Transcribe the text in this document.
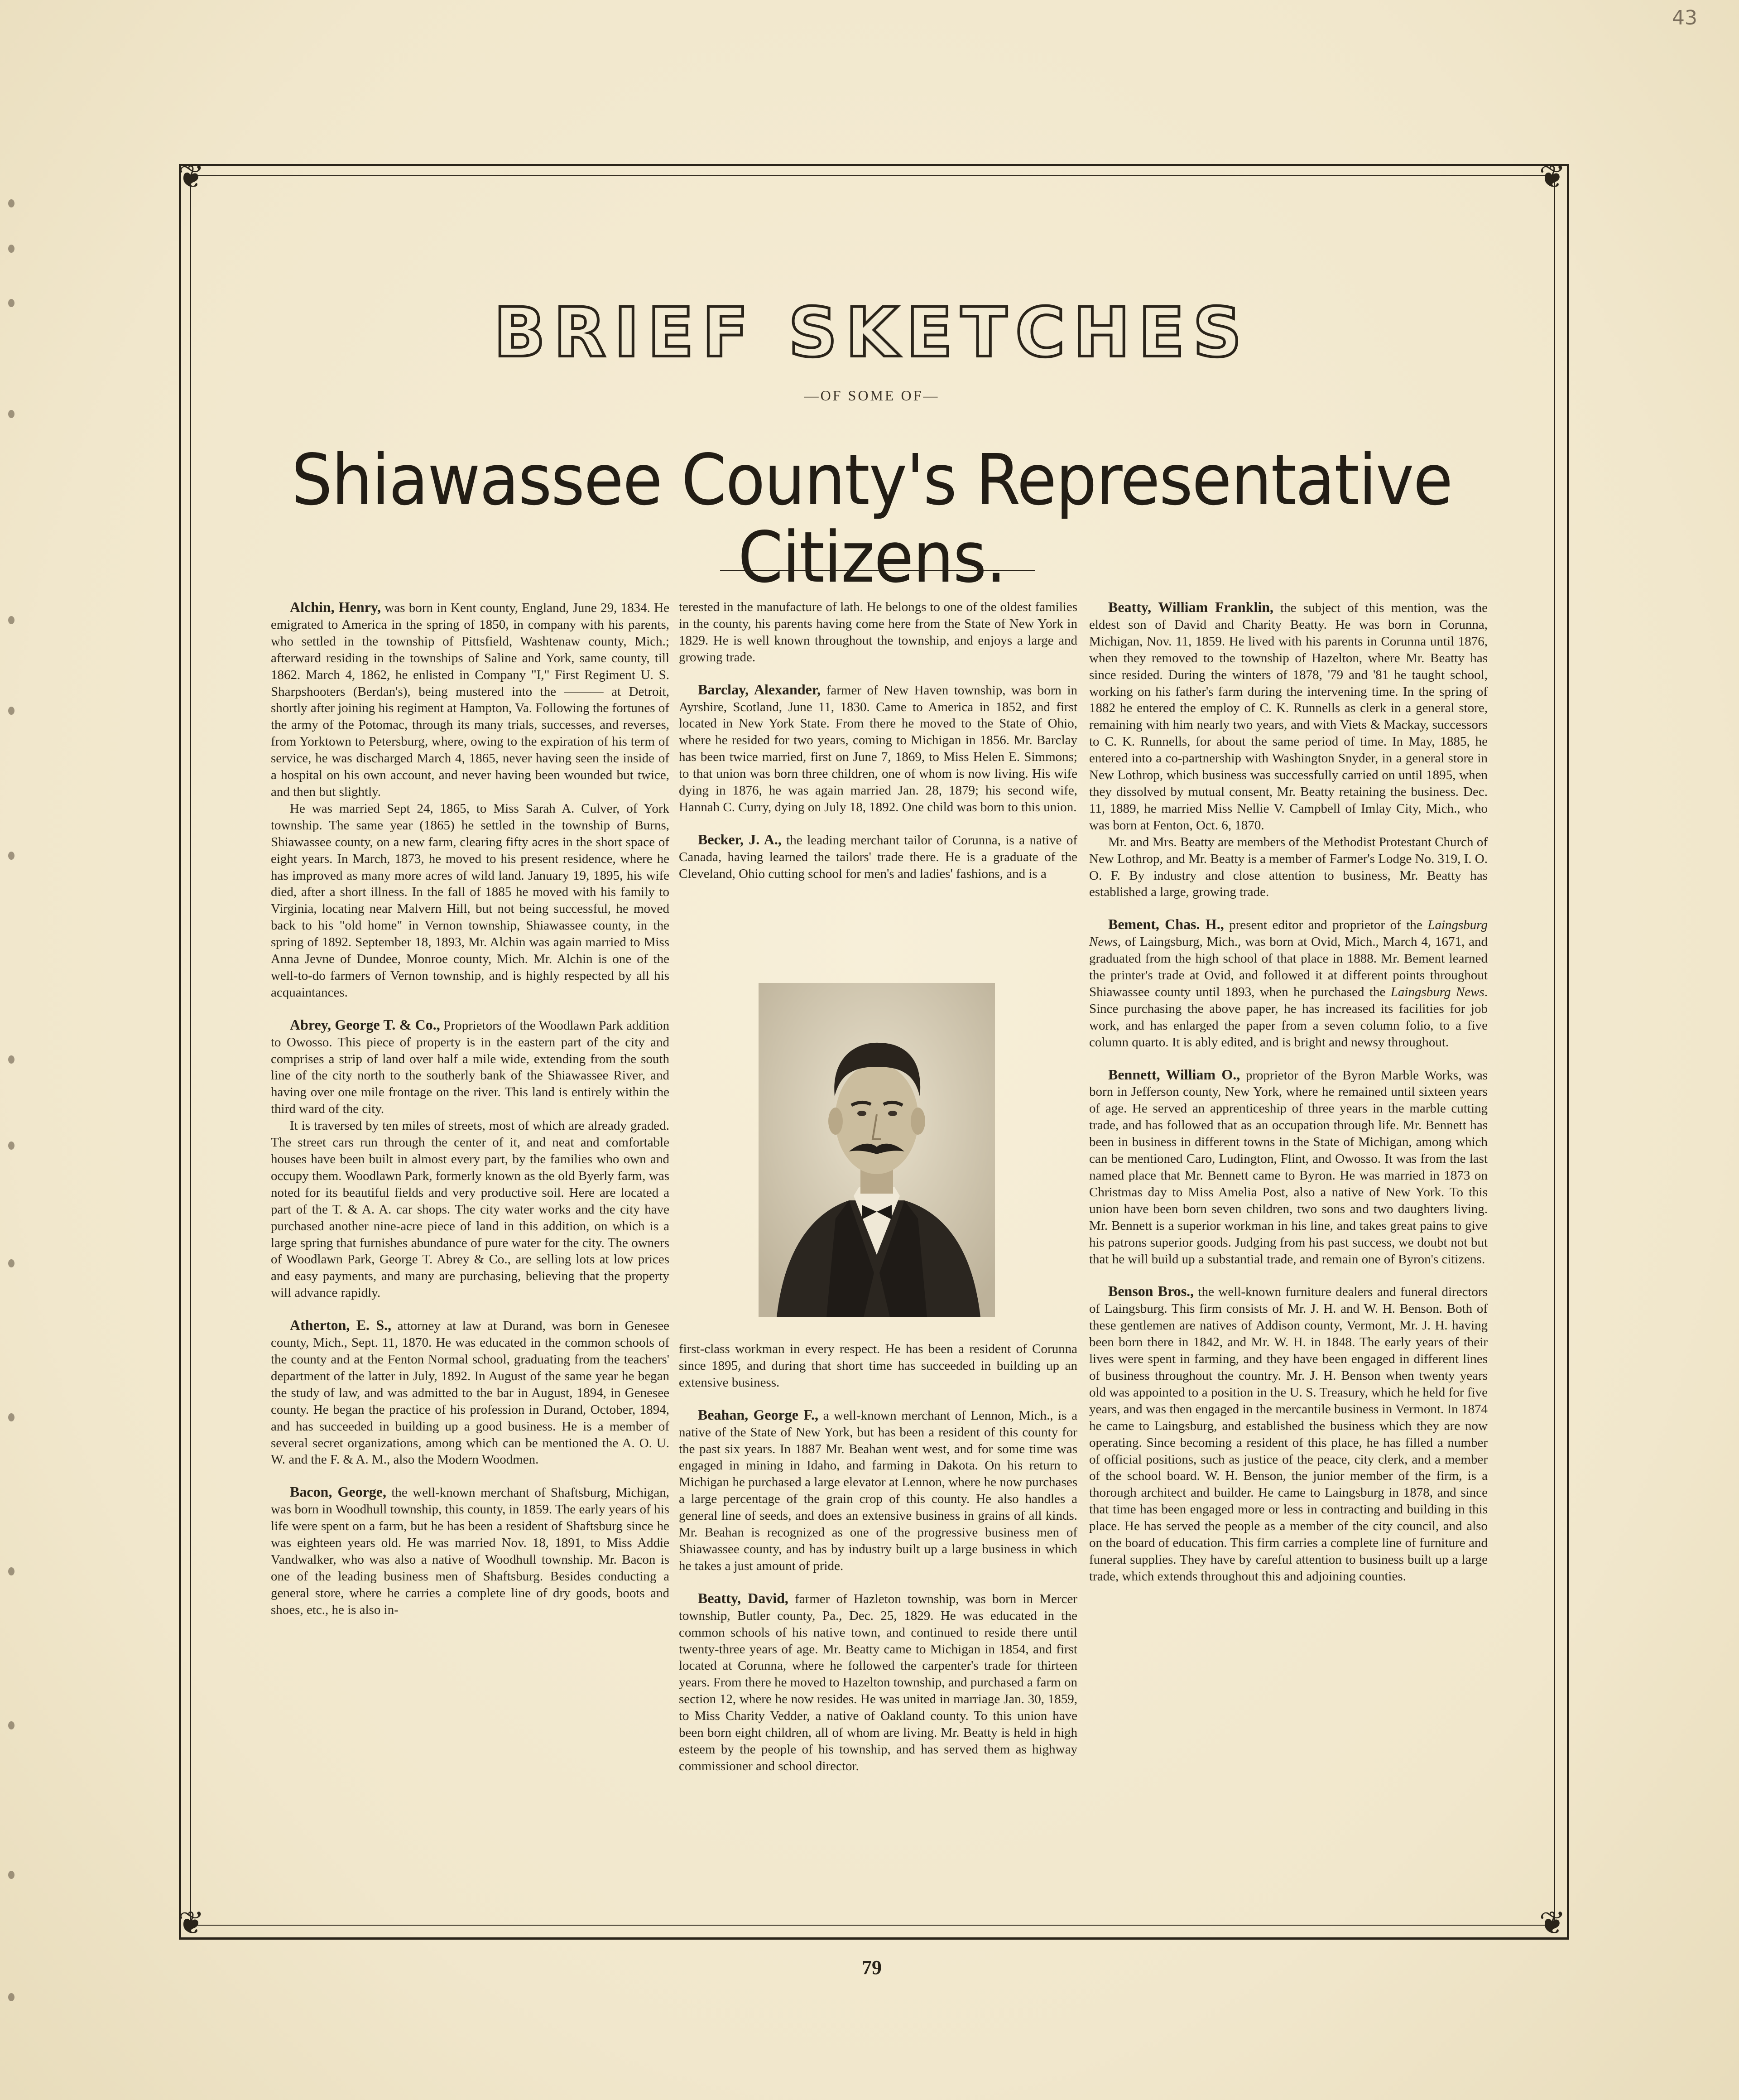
43
❦	❦
❦	❦
BRIEF SKETCHES
—OF SOME OF—
Shiawassee County's Representative Citizens.

Alchin, Henry, was born in Kent county, England, June 29, 1834. He emigrated to America in the spring of 1850, in company with his parents, who settled in the township of Pittsfield, Washtenaw county, Mich.; afterward residing in the townships of Saline and York, same county, till 1862. March 4, 1862, he enlisted in Company "I," First Regiment U. S. Sharpshooters (Berdan's), being mustered into the ——— at Detroit, shortly after joining his regiment at Hampton, Va. Following the fortunes of the army of the Potomac, through its many trials, successes, and reverses, from Yorktown to Petersburg, where, owing to the expiration of his term of service, he was discharged March 4, 1865, never having seen the inside of a hospital on his own account, and never having been wounded but twice, and then but slightly.

He was married Sept 24, 1865, to Miss Sarah A. Culver, of York township. The same year (1865) he settled in the township of Burns, Shiawassee county, on a new farm, clearing fifty acres in the short space of eight years. In March, 1873, he moved to his present residence, where he has improved as many more acres of wild land. January 19, 1895, his wife died, after a short illness. In the fall of 1885 he moved with his family to Virginia, locating near Malvern Hill, but not being successful, he moved back to his "old home" in Vernon township, Shiawassee county, in the spring of 1892. September 18, 1893, Mr. Alchin was again married to Miss Anna Jevne of Dundee, Monroe county, Mich. Mr. Alchin is one of the well-to-do farmers of Vernon township, and is highly respected by all his acquaintances.

Abrey, George T. & Co., Proprietors of the Woodlawn Park addition to Owosso. This piece of property is in the eastern part of the city and comprises a strip of land over half a mile wide, extending from the south line of the city north to the southerly bank of the Shiawassee River, and having over one mile frontage on the river. This land is entirely within the third ward of the city.

It is traversed by ten miles of streets, most of which are already graded. The street cars run through the center of it, and neat and comfortable houses have been built in almost every part, by the families who own and occupy them. Woodlawn Park, formerly known as the old Byerly farm, was noted for its beautiful fields and very productive soil. Here are located a part of the T. & A. A. car shops. The city water works and the city have purchased another nine-acre piece of land in this addition, on which is a large spring that furnishes abundance of pure water for the city. The owners of Woodlawn Park, George T. Abrey & Co., are selling lots at low prices and easy payments, and many are purchasing, believing that the property will advance rapidly.

Atherton, E. S., attorney at law at Durand, was born in Genesee county, Mich., Sept. 11, 1870. He was educated in the common schools of the county and at the Fenton Normal school, graduating from the teachers' department of the latter in July, 1892. In August of the same year he began the study of law, and was admitted to the bar in August, 1894, in Genesee county. He began the practice of his profession in Durand, October, 1894, and has succeeded in building up a good business. He is a member of several secret organizations, among which can be mentioned the A. O. U. W. and the F. & A. M., also the Modern Woodmen.

Bacon, George, the well-known merchant of Shaftsburg, Michigan, was born in Woodhull township, this county, in 1859. The early years of his life were spent on a farm, but he has been a resident of Shaftsburg since he was eighteen years old. He was married Nov. 18, 1891, to Miss Addie Vandwalker, who was also a native of Woodhull township. Mr. Bacon is one of the leading business men of Shaftsburg. Besides conducting a general store, where he carries a complete line of dry goods, boots and shoes, etc., he is also in-

terested in the manufacture of lath. He belongs to one of the oldest families in the county, his parents having come here from the State of New York in 1829. He is well known throughout the township, and enjoys a large and growing trade.

Barclay, Alexander, farmer of New Haven township, was born in Ayrshire, Scotland, June 11, 1830. Came to America in 1852, and first located in New York State. From there he moved to the State of Ohio, where he resided for two years, coming to Michigan in 1856. Mr. Barclay has been twice married, first on June 7, 1869, to Miss Helen E. Simmons; to that union was born three children, one of whom is now living. His wife dying in 1876, he was again married Jan. 28, 1879; his second wife, Hannah C. Curry, dying on July 18, 1892. One child was born to this union.

Becker, J. A., the leading merchant tailor of Corunna, is a native of Canada, having learned the tailors' trade there. He is a graduate of the Cleveland, Ohio cutting school for men's and ladies' fashions, and is a

first-class workman in every respect. He has been a resident of Corunna since 1895, and during that short time has succeeded in building up an extensive business.

Beahan, George F., a well-known merchant of Lennon, Mich., is a native of the State of New York, but has been a resident of this county for the past six years. In 1887 Mr. Beahan went west, and for some time was engaged in mining in Idaho, and farming in Dakota. On his return to Michigan he purchased a large elevator at Lennon, where he now purchases a large percentage of the grain crop of this county. He also handles a general line of seeds, and does an extensive business in grains of all kinds. Mr. Beahan is recognized as one of the progressive business men of Shiawassee county, and has by industry built up a large business in which he takes a just amount of pride.

Beatty, David, farmer of Hazleton township, was born in Mercer township, Butler county, Pa., Dec. 25, 1829. He was educated in the common schools of his native town, and continued to reside there until twenty-three years of age. Mr. Beatty came to Michigan in 1854, and first located at Corunna, where he followed the carpenter's trade for thirteen years. From there he moved to Hazelton township, and purchased a farm on section 12, where he now resides. He was united in marriage Jan. 30, 1859, to Miss Charity Vedder, a native of Oakland county. To this union have been born eight children, all of whom are living. Mr. Beatty is held in high esteem by the people of his township, and has served them as highway commissioner and school director.

Beatty, William Franklin, the subject of this mention, was the eldest son of David and Charity Beatty. He was born in Corunna, Michigan, Nov. 11, 1859. He lived with his parents in Corunna until 1876, when they removed to the township of Hazelton, where Mr. Beatty has since resided. During the winters of 1878, '79 and '81 he taught school, working on his father's farm during the intervening time. In the spring of 1882 he entered the employ of C. K. Runnells as clerk in a general store, remaining with him nearly two years, and with Viets & Mackay, successors to C. K. Runnells, for about the same period of time. In May, 1885, he entered into a co-partnership with Washington Snyder, in a general store in New Lothrop, which business was successfully carried on until 1895, when they dissolved by mutual consent, Mr. Beatty retaining the business. Dec. 11, 1889, he married Miss Nellie V. Campbell of Imlay City, Mich., who was born at Fenton, Oct. 6, 1870.

Mr. and Mrs. Beatty are members of the Methodist Protestant Church of New Lothrop, and Mr. Beatty is a member of Farmer's Lodge No. 319, I. O. O. F. By industry and close attention to business, Mr. Beatty has established a large, growing trade.

Bement, Chas. H., present editor and proprietor of the Laingsburg News, of Laingsburg, Mich., was born at Ovid, Mich., March 4, 1671, and graduated from the high school of that place in 1888. Mr. Bement learned the printer's trade at Ovid, and followed it at different points throughout Shiawassee county until 1893, when he purchased the Laingsburg News. Since purchasing the above paper, he has increased its facilities for job work, and has enlarged the paper from a seven column folio, to a five column quarto. It is ably edited, and is bright and newsy throughout.

Bennett, William O., proprietor of the Byron Marble Works, was born in Jefferson county, New York, where he remained until sixteen years of age. He served an apprenticeship of three years in the marble cutting trade, and has followed that as an occupation through life. Mr. Bennett has been in business in different towns in the State of Michigan, among which can be mentioned Caro, Ludington, Flint, and Owosso. It was from the last named place that Mr. Bennett came to Byron. He was married in 1873 on Christmas day to Miss Amelia Post, also a native of New York. To this union have been born seven children, two sons and two daughters living. Mr. Bennett is a superior workman in his line, and takes great pains to give his patrons superior goods. Judging from his past success, we doubt not but that he will build up a substantial trade, and remain one of Byron's citizens.

Benson Bros., the well-known furniture dealers and funeral directors of Laingsburg. This firm consists of Mr. J. H. and W. H. Benson. Both of these gentlemen are natives of Addison county, Vermont, Mr. J. H. having been born there in 1842, and Mr. W. H. in 1848. The early years of their lives were spent in farming, and they have been engaged in different lines of business throughout the country. Mr. J. H. Benson when twenty years old was appointed to a position in the U. S. Treasury, which he held for five years, and was then engaged in the mercantile business in Vermont. In 1874 he came to Laingsburg, and established the business which they are now operating. Since becoming a resident of this place, he has filled a number of official positions, such as justice of the peace, city clerk, and a member of the school board. W. H. Benson, the junior member of the firm, is a thorough architect and builder. He came to Laingsburg in 1878, and since that time has been engaged more or less in contracting and building in this place. He has served the people as a member of the city council, and also on the board of education. This firm carries a complete line of furniture and funeral supplies. They have by careful attention to business built up a large trade, which extends throughout this and adjoining counties.

79
